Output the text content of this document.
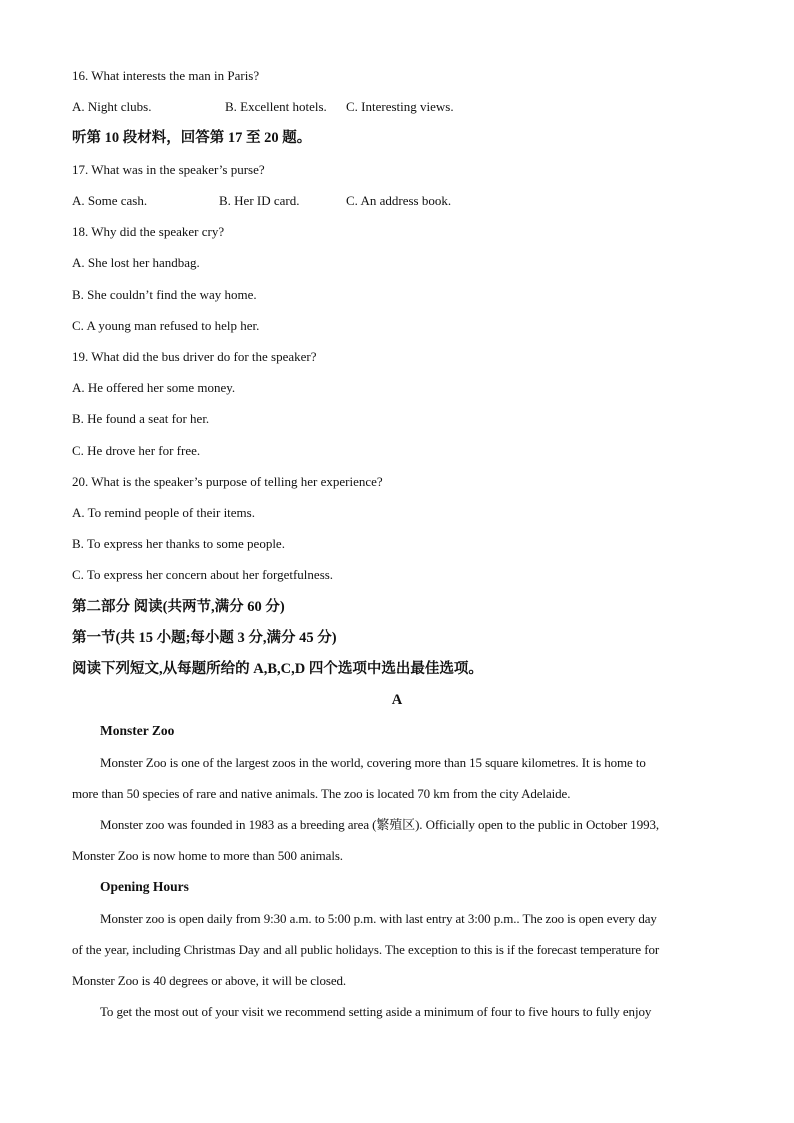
16. What interests the man in Paris?
A. Night clubs.	B. Excellent hotels. C. Interesting views.
听第 10 段材料，回答第 17 至 20 题。
17. What was in the speaker’s purse?
A. Some cash.	B. Her ID card.	C. An address book.
18. Why did the speaker cry?
A. She lost her handbag.
B. She couldn’t find the way home.
C. A young man refused to help her.
19. What did the bus driver do for the speaker?
A. He offered her some money.
B. He found a seat for her.
C. He drove her for free.
20. What is the speaker’s purpose of telling her experience?
A. To remind people of their items.
B. To express her thanks to some people.
C. To express her concern about her forgetfulness.
第二部分 阅读(共两节,满分 60 分)
第一节(共 15 小题;每小题 3 分,满分 45 分)
阅读下列短文,从每题所给的 A,B,C,D 四个选项中选出最佳选项。
A
Monster Zoo
Monster Zoo is one of the largest zoos in the world, covering more than 15 square kilometres. It is home to
more than 50 species of rare and native animals. The zoo is located 70 km from the city Adelaide.
Monster zoo was founded in 1983 as a breeding area (繁殖区). Officially open to the public in October 1993,
Monster Zoo is now home to more than 500 animals.
Opening Hours
Monster zoo is open daily from 9:30 a.m. to 5:00 p.m. with last entry at 3:00 p.m.. The zoo is open every day
of the year, including Christmas Day and all public holidays. The exception to this is if the forecast temperature for
Monster Zoo is 40 degrees or above, it will be closed.
To get the most out of your visit we recommend setting aside a minimum of four to five hours to fully enjoy
